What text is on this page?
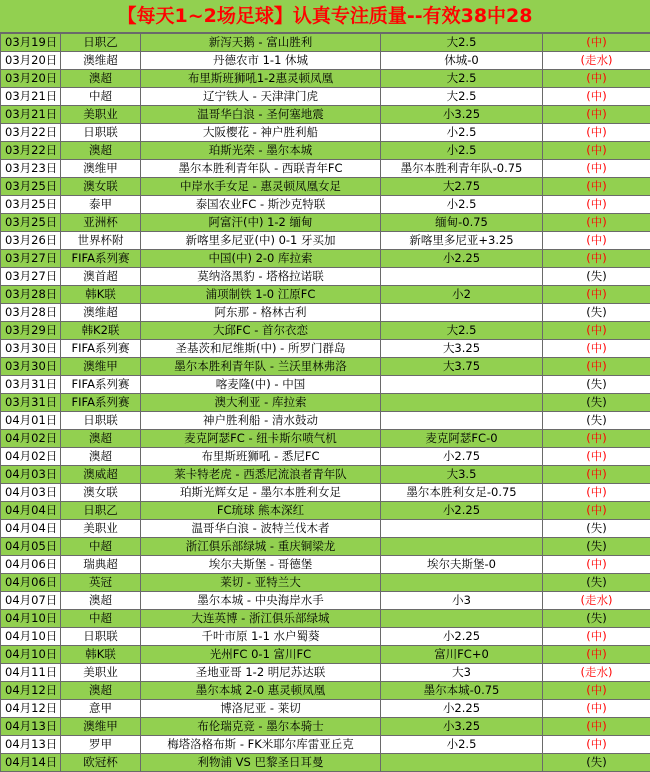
【每天1~2场足球】认真专注质量--有效38中28
03月19日	日职乙	新泻天鹅 - 富山胜利	大2.5	(中)
03月20日	澳维超	丹德农市 1-1 休城	休城-0	(走水)
03月20日	澳超	布里斯班狮吼1-2惠灵顿凤凰	大2.5	(中)
03月21日	中超	辽宁铁人 - 天津津门虎	大2.5	(中)
03月21日	美职业	温哥华白浪 - 圣何塞地震	小3.25	(中)
03月22日	日职联	大阪樱花 - 神户胜利船	小2.5	(中)
03月22日	澳超	珀斯光荣 - 墨尔本城	小2.5	(中)
03月23日	澳维甲	墨尔本胜利青年队 - 西联青年FC	墨尔本胜利青年队-0.75	(中)
03月25日	澳女联	中岸水手女足 - 惠灵顿凤凰女足	大2.75	(中)
03月25日	泰甲	泰国农业FC - 斯沙克特联	小2.5	(中)
03月25日	亚洲杯	阿富汗(中) 1-2 缅甸	缅甸-0.75	(中)
03月26日	世界杯附	新喀里多尼亚(中) 0-1 牙买加	新喀里多尼亚+3.25	(中)
03月27日	FIFA系列赛	中国(中) 2-0 库拉索	小2.25	(中)
03月27日	澳首超	莫纳洛黑豹 - 塔格拉诺联		(失)
03月28日	韩K联	浦项制铁 1-0 江原FC	小2	(中)
03月28日	澳维超	阿东那 - 格林古利		(失)
03月29日	韩K2联	大邱FC - 首尔衣恋	大2.5	(中)
03月30日	FIFA系列赛	圣基茨和尼维斯(中) - 所罗门群岛	大3.25	(中)
03月30日	澳维甲	墨尔本胜利青年队 - 兰沃里林弗洛	大3.75	(中)
03月31日	FIFA系列赛	喀麦隆(中) - 中国		(失)
03月31日	FIFA系列赛	澳大利亚 - 库拉索		(失)
04月01日	日职联	神户胜利船 - 清水鼓动		(失)
04月02日	澳超	麦克阿瑟FC - 纽卡斯尔喷气机	麦克阿瑟FC-0	(中)
04月02日	澳超	布里斯班狮吼 - 悉尼FC	小2.75	(中)
04月03日	澳威超	莱卡特老虎 - 西悉尼流浪者青年队	大3.5	(中)
04月03日	澳女联	珀斯光辉女足 - 墨尔本胜利女足	墨尔本胜利女足-0.75	(中)
04月04日	日职乙	FC琉球 熊本深红	小2.25	(中)
04月04日	美职业	温哥华白浪 - 波特兰伐木者		(失)
04月05日	中超	浙江俱乐部绿城 - 重庆铜梁龙		(失)
04月06日	瑞典超	埃尔夫斯堡 - 哥德堡	埃尔夫斯堡-0	(中)
04月06日	英冠	莱切 - 亚特兰大		(失)
04月07日	澳超	墨尔本城 - 中央海岸水手	小3	(走水)
04月10日	中超	大连英博 - 浙江俱乐部绿城		(失)
04月10日	日职联	千叶市原 1-1 水户蜀葵	小2.25	(中)
04月10日	韩K联	光州FC 0-1 富川FC	富川FC+0	(中)
04月11日	美职业	圣地亚哥 1-2 明尼苏达联	大3	(走水)
04月12日	澳超	墨尔本城 2-0 惠灵顿凤凰	墨尔本城-0.75	(中)
04月12日	意甲	博洛尼亚 - 莱切	小2.25	(中)
04月13日	澳维甲	布伦瑞克竞 - 墨尔本骑士	小3.25	(中)
04月13日	罗甲	梅塔洛格布斯 - FK米耶尔库雷亚丘克	小2.5	(中)
04月14日	欧冠杯	利物浦 VS 巴黎圣日耳曼		(失)
